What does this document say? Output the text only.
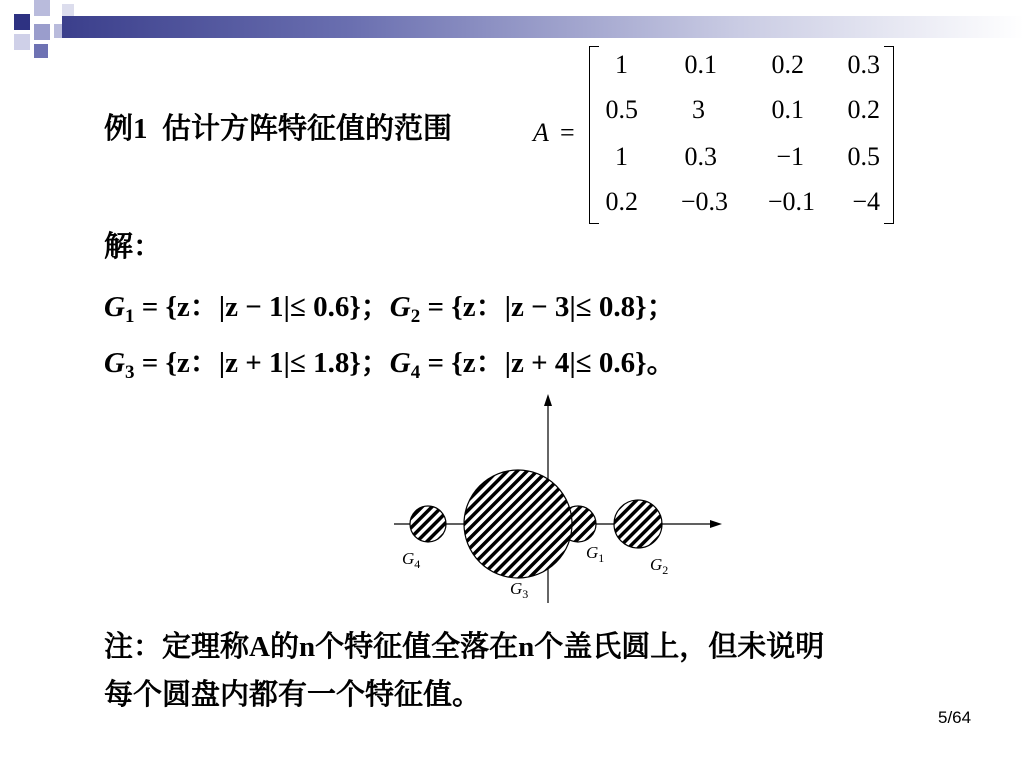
例1 估计方阵特征值的范围	A =
1	0.1	0.2	0.3
0.5	3	0.1	0.2
1	0.3	−1	0.5
0.2	−0.3	−0.1	−4
解：
$G_1 = \{z$：|z − 1|≤ 0.6}；$G_2 = \{z$：|z − 3|≤ 0.8}；
$G_3 = \{z$：|z + 1|≤ 1.8}；$G_4 = \{z$：|z + 4|≤ 0.6}。
$G_1$	$G_2$
$G_3$
$G_4$
注：定理称A的n个特征值全落在n个盖氏圆上，但未说明
每个圆盘内都有一个特征值。
5/64
